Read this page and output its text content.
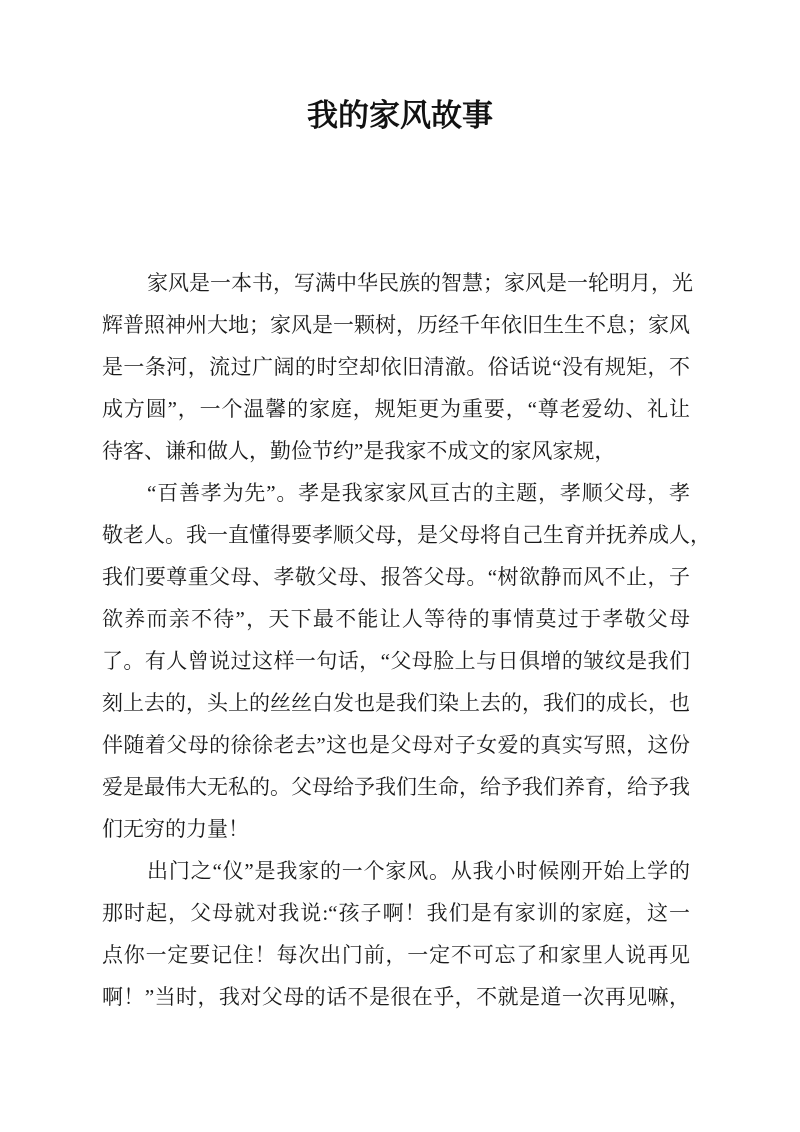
我的家风故事

家风是一本书，写满中华民族的智慧；家风是一轮明月，光
辉普照神州大地；家风是一颗树，历经千年依旧生生不息；家风
是一条河，流过广阔的时空却依旧清澈。俗话说“没有规矩，不
成方圆”，一个温馨的家庭，规矩更为重要，“尊老爱幼、礼让
待客、谦和做人，勤俭节约”是我家不成文的家风家规，

“百善孝为先”。孝是我家家风亘古的主题，孝顺父母，孝
敬老人。我一直懂得要孝顺父母，是父母将自己生育并抚养成人，
我们要尊重父母、孝敬父母、报答父母。“树欲静而风不止，子
欲养而亲不待”，天下最不能让人等待的事情莫过于孝敬父母
了。有人曾说过这样一句话，“父母脸上与日俱增的皱纹是我们
刻上去的，头上的丝丝白发也是我们染上去的，我们的成长，也
伴随着父母的徐徐老去”这也是父母对子女爱的真实写照，这份
爱是最伟大无私的。父母给予我们生命，给予我们养育，给予我
们无穷的力量！

出门之“仪”是我家的一个家风。从我小时候刚开始上学的
那时起，父母就对我说:“孩子啊！我们是有家训的家庭，这一
点你一定要记住！每次出门前，一定不可忘了和家里人说再见
啊！”当时，我对父母的话不是很在乎，不就是道一次再见嘛，
